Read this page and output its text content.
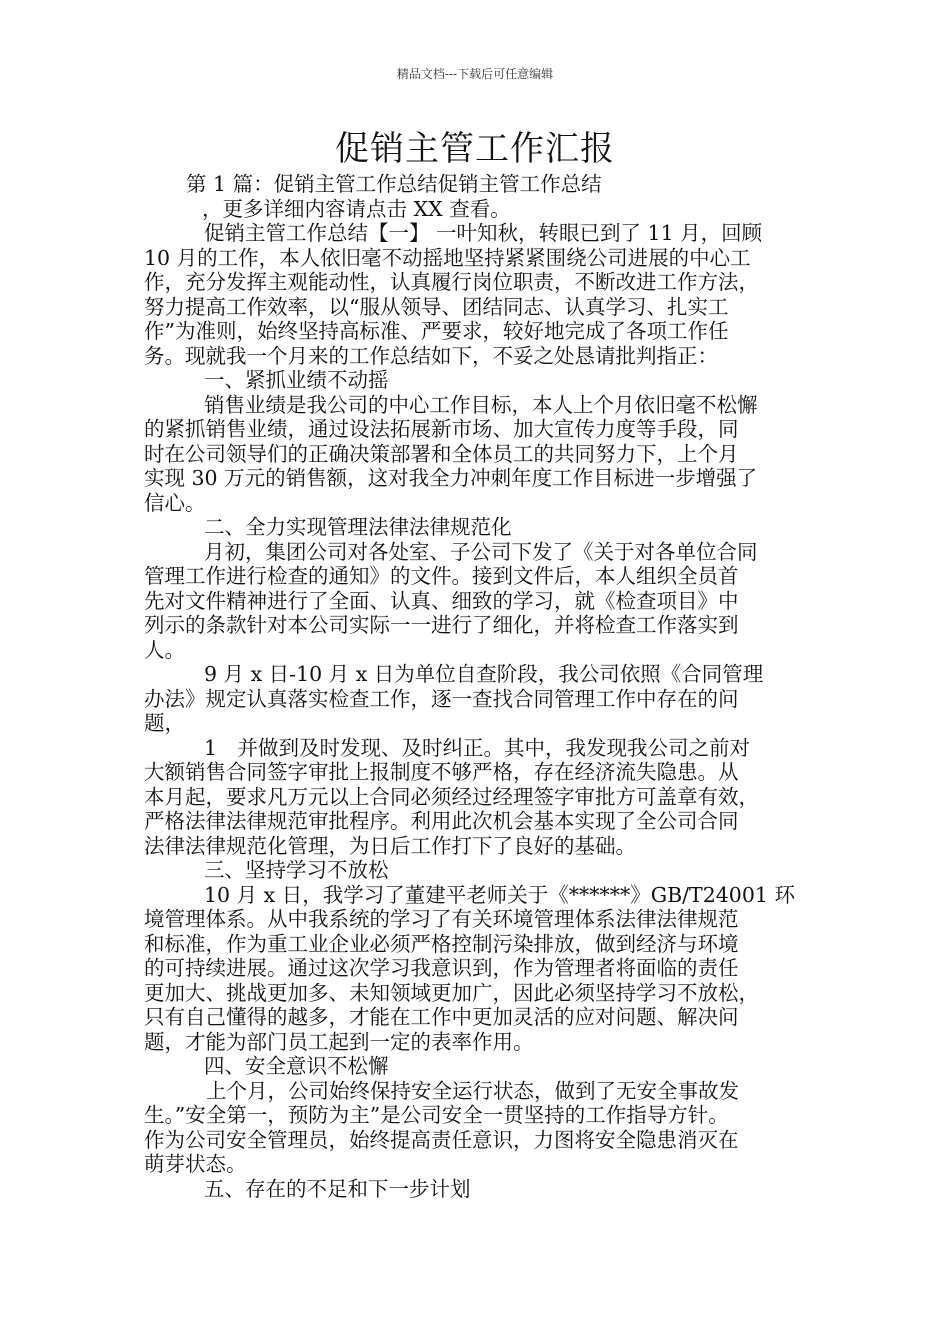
精品文档---下载后可任意编辑
促销主管工作汇报
第 1 篇：促销主管工作总结促销主管工作总结
，更多详细内容请点击 XX 查看。
促销主管工作总结【一】 一叶知秋，转眼已到了 11 月，回顾
10 月的工作，本人依旧毫不动摇地坚持紧紧围绕公司进展的中心工
作，充分发挥主观能动性，认真履行岗位职责，不断改进工作方法，
努力提高工作效率，以“服从领导、团结同志、认真学习、扎实工
作”为准则，始终坚持高标准、严要求，较好地完成了各项工作任
务。现就我一个月来的工作总结如下，不妥之处恳请批判指正：
一、紧抓业绩不动摇
销售业绩是我公司的中心工作目标，本人上个月依旧毫不松懈
的紧抓销售业绩，通过设法拓展新市场、加大宣传力度等手段，同
时在公司领导们的正确决策部署和全体员工的共同努力下，上个月
实现 30 万元的销售额，这对我全力冲刺年度工作目标进一步增强了
信心。
二、全力实现管理法律法律规范化
月初，集团公司对各处室、子公司下发了《关于对各单位合同
管理工作进行检查的通知》的文件。接到文件后，本人组织全员首
先对文件精神进行了全面、认真、细致的学习，就《检查项目》中
列示的条款针对本公司实际一一进行了细化，并将检查工作落实到
人。
9 月 x 日-10 月 x 日为单位自查阶段，我公司依照《合同管理
办法》规定认真落实检查工作，逐一查找合同管理工作中存在的问
题，
1　并做到及时发现、及时纠正。其中，我发现我公司之前对
大额销售合同签字审批上报制度不够严格，存在经济流失隐患。从
本月起，要求凡万元以上合同必须经过经理签字审批方可盖章有效，
严格法律法律规范审批程序。利用此次机会基本实现了全公司合同
法律法律规范化管理，为日后工作打下了良好的基础。
三、坚持学习不放松
10 月 x 日，我学习了董建平老师关于《******》GB/T24001 环
境管理体系。从中我系统的学习了有关环境管理体系法律法律规范
和标准，作为重工业企业必须严格控制污染排放，做到经济与环境
的可持续进展。通过这次学习我意识到，作为管理者将面临的责任
更加大、挑战更加多、未知领域更加广，因此必须坚持学习不放松，
只有自己懂得的越多，才能在工作中更加灵活的应对问题、解决问
题，才能为部门员工起到一定的表率作用。
四、安全意识不松懈
上个月，公司始终保持安全运行状态，做到了无安全事故发
生。”安全第一，预防为主”是公司安全一贯坚持的工作指导方针。
作为公司安全管理员，始终提高责任意识，力图将安全隐患消灭在
萌芽状态。
五、存在的不足和下一步计划
